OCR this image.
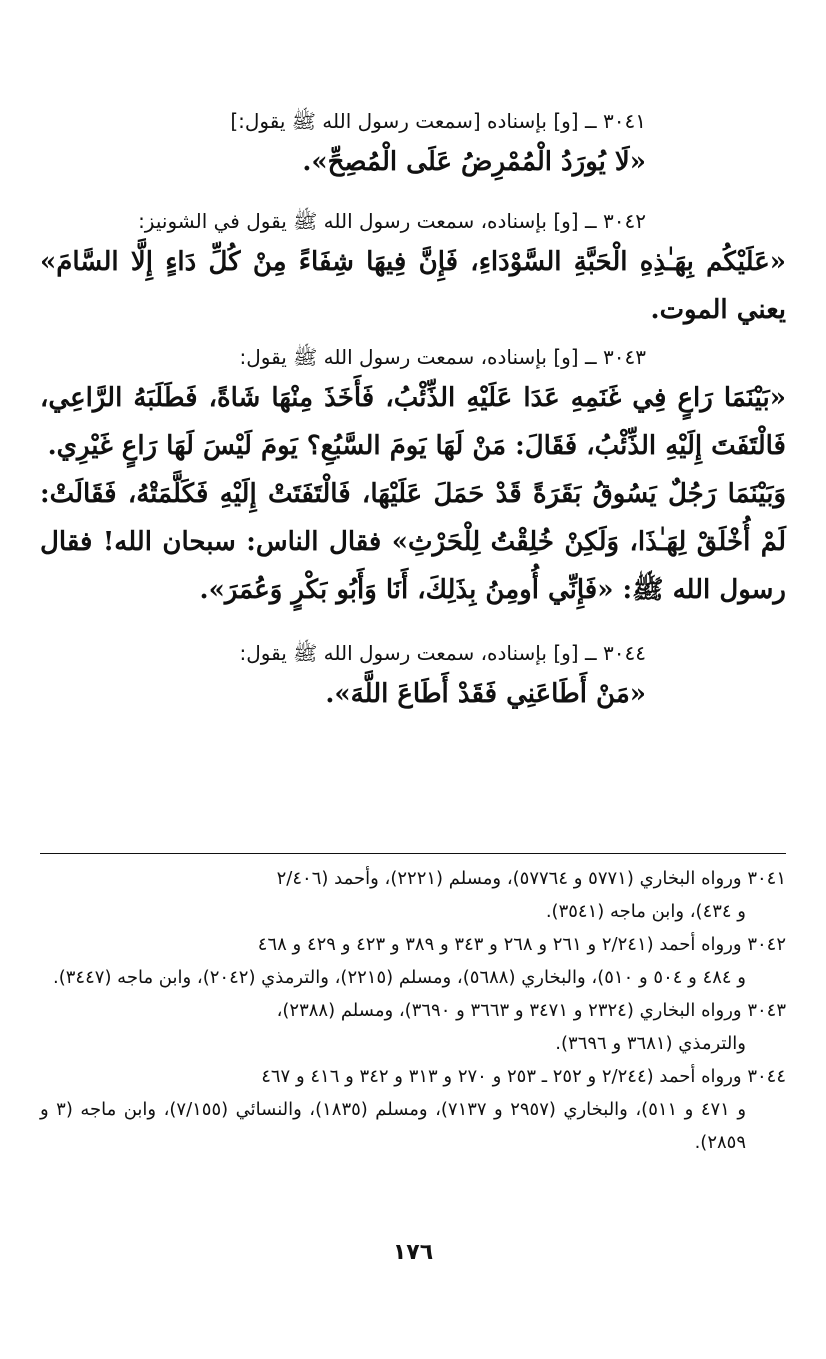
٣٠٤١ ــ [و] بإسناده [سمعت رسول الله ﷺ يقول:]
«لَا يُورَدُ الْمُمْرِضُ عَلَى الْمُصِحِّ».
٣٠٤٢ ــ [و] بإسناده، سمعت رسول الله ﷺ يقول في الشونيز:
«عَلَيْكُم بِهَـٰذِهِ الْحَبَّةِ السَّوْدَاءِ، فَإِنَّ فِيهَا شِفَاءً مِنْ كُلِّ دَاءٍ إِلَّا السَّامَ» يعني الموت.
٣٠٤٣ ــ [و] بإسناده، سمعت رسول الله ﷺ يقول:
«بَيْنَمَا رَاعٍ فِي غَنَمِهِ عَدَا عَلَيْهِ الذِّئْبُ، فَأَخَذَ مِنْهَا شَاةً، فَطَلَبَهُ الرَّاعِي، فَالْتَفَتَ إِلَيْهِ الذِّئْبُ، فَقَالَ: مَنْ لَهَا يَومَ السَّبُعِ؟ يَومَ لَيْسَ لَهَا رَاعٍ غَيْرِي.
وَبَيْنَمَا رَجُلٌ يَسُوقُ بَقَرَةً قَدْ حَمَلَ عَلَيْهَا، فَالْتَفَتَتْ إِلَيْهِ فَكَلَّمَتْهُ، فَقَالَتْ: لَمْ أُخْلَقْ لِهَـٰذَا، وَلَكِنْ خُلِقْتُ لِلْحَرْثِ» فقال الناس: سبحان الله! فقال رسول الله ﷺ: «فَإِنِّي أُومِنُ بِذَلِكَ، أَنَا وَأَبُو بَكْرٍ وَعُمَرَ».
٣٠٤٤ ــ [و] بإسناده، سمعت رسول الله ﷺ يقول:
«مَنْ أَطَاعَنِي فَقَدْ أَطَاعَ اللَّهَ».

٣٠٤١ ورواه البخاري (٥٧٧١ و ٥٧٧٦٤)، ومسلم (٢٢٢١)، وأحمد (٢/٤٠٦
و ٤٣٤)، وابن ماجه (٣٥٤١).

٣٠٤٢ ورواه أحمد (٢/٢٤١ و ٢٦١ و ٢٦٨ و ٣٤٣ و ٣٨٩ و ٤٢٣ و ٤٢٩ و ٤٦٨
و ٤٨٤ و ٥٠٤ و ٥١٠)، والبخاري (٥٦٨٨)، ومسلم (٢٢١٥)، والترمذي (٢٠٤٢)، وابن ماجه (٣٤٤٧).

٣٠٤٣ ورواه البخاري (٢٣٢٤ و ٣٤٧١ و ٣٦٦٣ و ٣٦٩٠)، ومسلم (٢٣٨٨)،
والترمذي (٣٦٨١ و ٣٦٩٦).

٣٠٤٤ ورواه أحمد (٢/٢٤٤ و ٢٥٢ ـ ٢٥٣ و ٢٧٠ و ٣١٣ و ٣٤٢ و ٤١٦ و ٤٦٧
و ٤٧١ و ٥١١)، والبخاري (٢٩٥٧ و ٧١٣٧)، ومسلم (١٨٣٥)، والنسائي (٧/١٥٥)، وابن ماجه (٣ و ٢٨٥٩).

١٧٦
